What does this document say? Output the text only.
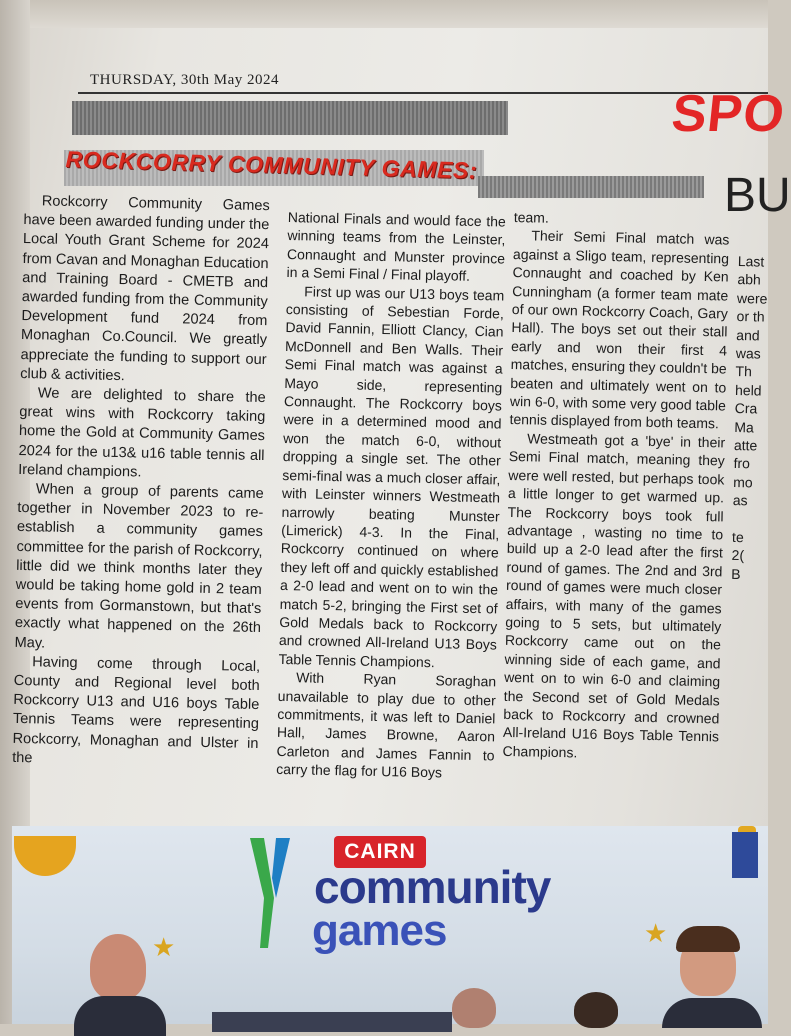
THURSDAY, 30th May 2024
SPO
ROCKCORRY COMMUNITY GAMES:
BU

Rockcorry Community Games have been awarded funding under the Local Youth Grant Scheme for 2024 from Cavan and Monaghan Education and Training Board - CMETB and awarded funding from the Community Development fund 2024 from Monaghan Co.Council. We greatly appreciate the funding to support our club & activities.

We are delighted to share the great wins with Rockcorry taking home the Gold at Community Games 2024 for the u13& u16 table tennis all Ireland champions.

When a group of parents came together in November 2023 to re-establish a community games committee for the parish of Rockcorry, little did we think months later they would be taking home gold in 2 team events from Gormanstown, but that's exactly what happened on the 26th May.

Having come through Local, County and Regional level both Rockcorry U13 and U16 boys Table Tennis Teams were representing Rockcorry, Monaghan and Ulster in the

National Finals and would face the winning teams from the Leinster, Connaught and Munster province in a Semi Final / Final playoff.

First up was our U13 boys team consisting of Sebestian Forde, David Fannin, Elliott Clancy, Cian McDonnell and Ben Walls. Their Semi Final match was against a Mayo side, representing Connaught. The Rockcorry boys were in a determined mood and won the match 6-0, without dropping a single set. The other semi-final was a much closer affair, with Leinster winners Westmeath narrowly beating Munster (Limerick) 4-3. In the Final, Rockcorry continued on where they left off and quickly established a 2-0 lead and went on to win the match 5-2, bringing the First set of Gold Medals back to Rockcorry and crowned All-Ireland U13 Boys Table Tennis Champions.

With Ryan Soraghan unavailable to play due to other commitments, it was left to Daniel Hall, James Browne, Aaron Carleton and James Fannin to carry the flag for U16 Boys

team.

Their Semi Final match was against a Sligo team, representing Connaught and coached by Ken Cunningham (a former team mate of our own Rockcorry Coach, Gary Hall). The boys set out their stall early and won their first 4 matches, ensuring they couldn't be beaten and ultimately went on to win 6-0, with some very good table tennis displayed from both teams.

Westmeath got a 'bye' in their Semi Final match, meaning they were well rested, but perhaps took a little longer to get warmed up. The Rockcorry boys took full advantage , wasting no time to build up a 2-0 lead after the first round of games. The 2nd and 3rd round of games were much closer affairs, with many of the games going to 5 sets, but ultimately Rockcorry came out on the winning side of each game, and went on to win 6-0 and claiming the Second set of Gold Medals back to Rockcorry and crowned All-Ireland U16 Boys Table Tennis Champions.

Last
abh
were
or th
and
was
Th
held
Cra
Ma
atte
fro
mo
as
te
2(
B
CAIRN
community
games
★	★
